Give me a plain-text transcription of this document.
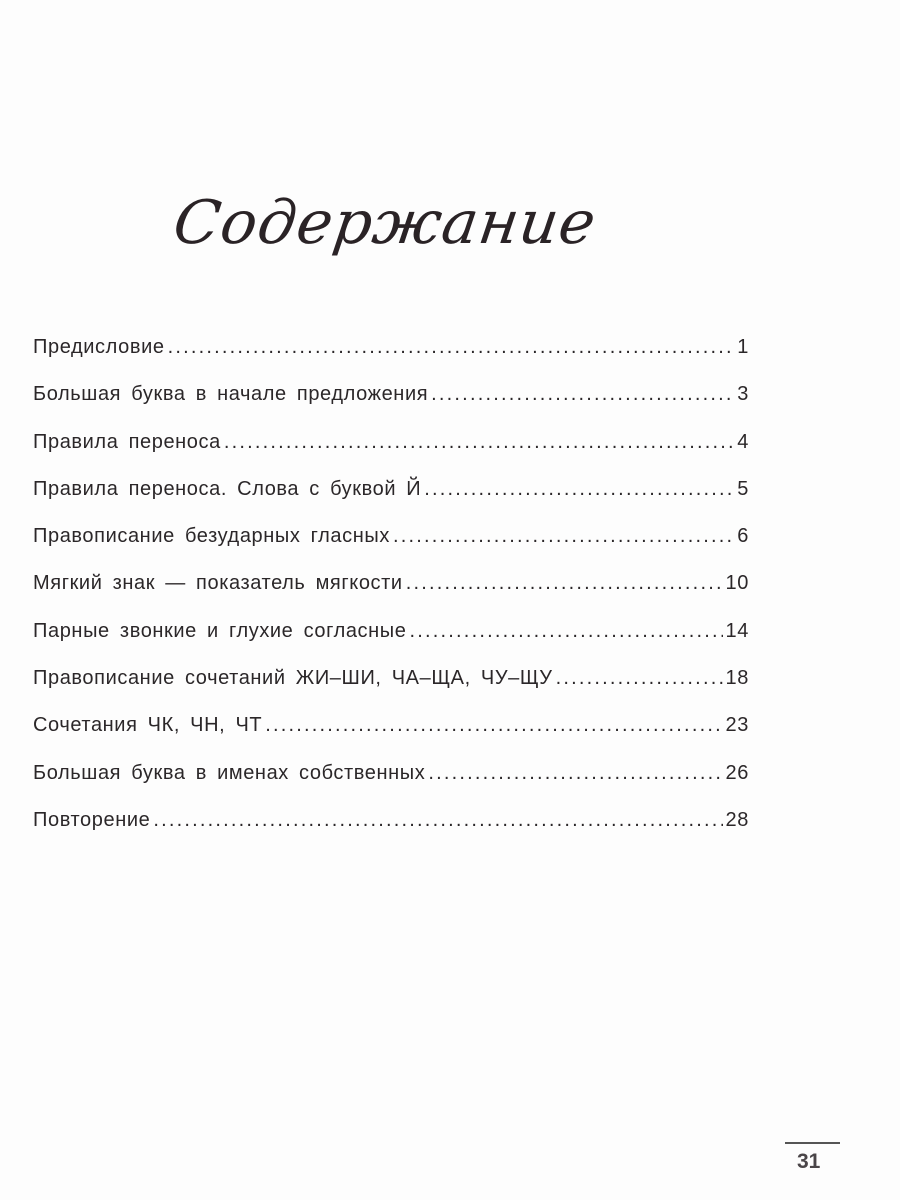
Содержание
Предисловие .....	1
Большая буква в начале предложения .....	3
Правила переноса .....	4
Правила переноса. Слова с буквой Й .....	5
Правописание безударных гласных .....	6
Мягкий знак — показатель мягкости .....	10
Парные звонкие и глухие согласные .....	14
Правописание сочетаний ЖИ–ШИ, ЧА–ЩА, ЧУ–ЩУ .....	18
Сочетания ЧК, ЧН, ЧТ .....	23
Большая буква в именах собственных .....	26
Повторение .....	28
31
